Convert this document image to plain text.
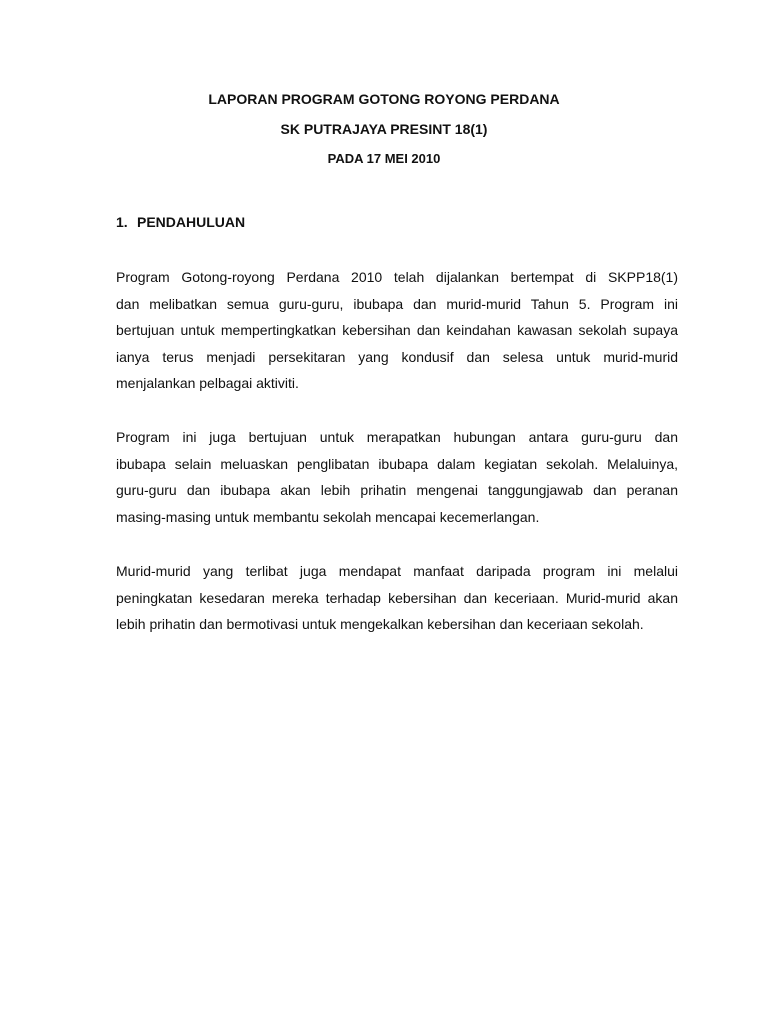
LAPORAN PROGRAM GOTONG ROYONG PERDANA

SK PUTRAJAYA PRESINT 18(1)

PADA 17 MEI 2010

1. PENDAHULUAN

Program Gotong-royong Perdana 2010 telah dijalankan bertempat di SKPP18(1)
dan melibatkan semua guru-guru, ibubapa dan murid-murid Tahun 5. Program ini
bertujuan untuk mempertingkatkan kebersihan dan keindahan kawasan sekolah supaya
ianya terus menjadi persekitaran yang kondusif dan selesa untuk murid-murid
menjalankan pelbagai aktiviti.
Program ini juga bertujuan untuk merapatkan hubungan antara guru-guru dan
ibubapa selain meluaskan penglibatan ibubapa dalam kegiatan sekolah. Melaluinya,
guru-guru dan ibubapa akan lebih prihatin mengenai tanggungjawab dan peranan
masing-masing untuk membantu sekolah mencapai kecemerlangan.
Murid-murid yang terlibat juga mendapat manfaat daripada program ini melalui
peningkatan kesedaran mereka terhadap kebersihan dan keceriaan. Murid-murid akan
lebih prihatin dan bermotivasi untuk mengekalkan kebersihan dan keceriaan sekolah.
